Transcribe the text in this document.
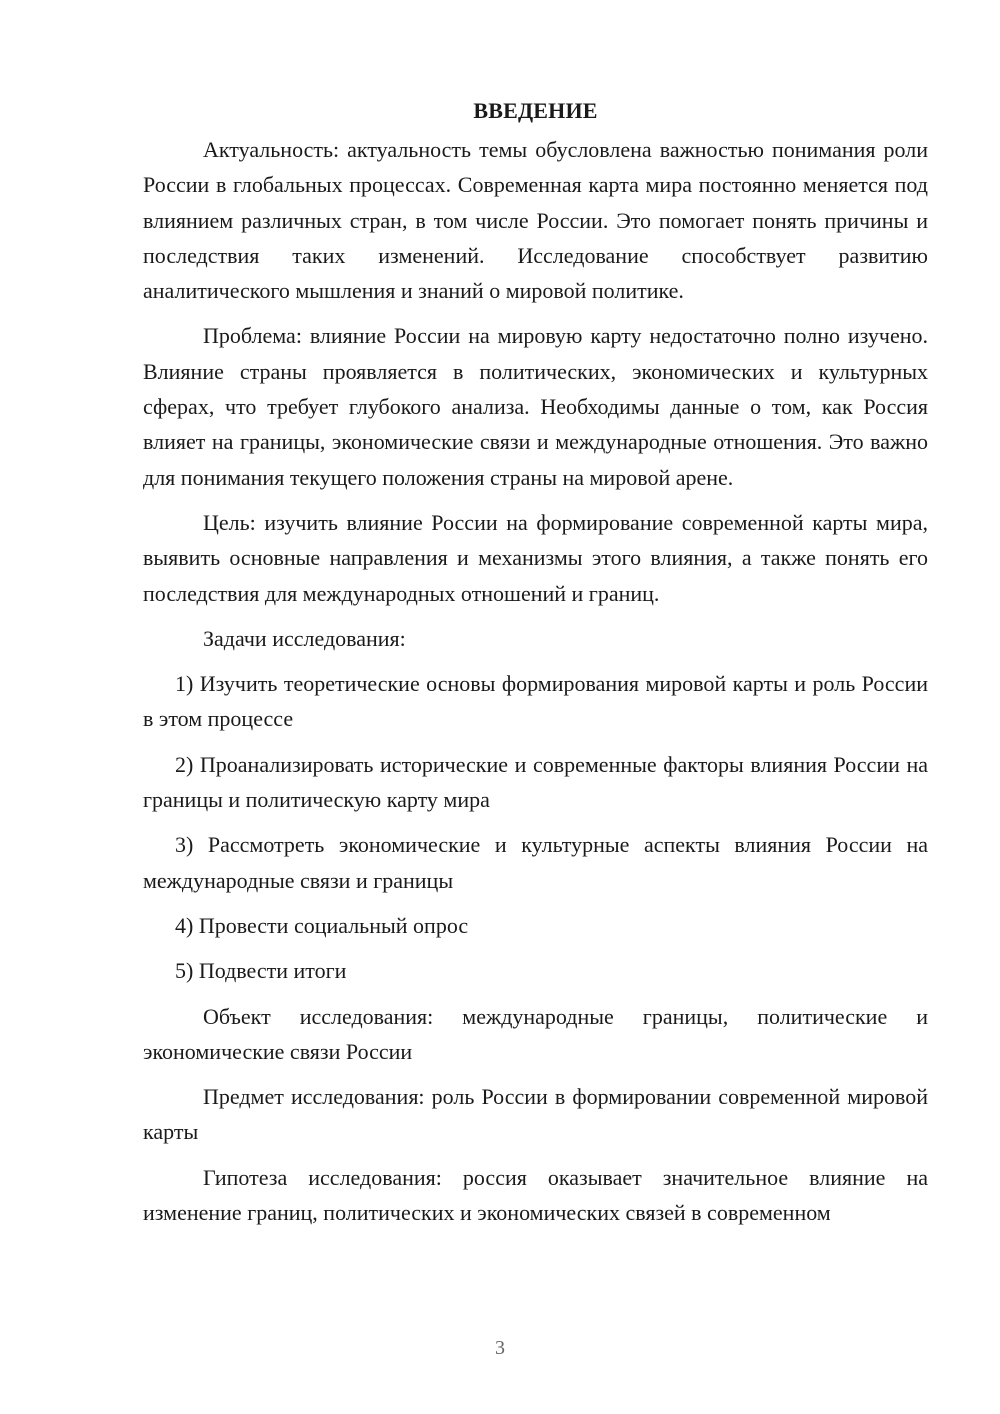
ВВЕДЕНИЕ

Актуальность: актуальность темы обусловлена важностью понимания роли России в глобальных процессах. Современная карта мира постоянно меняется под влиянием различных стран, в том числе России. Это помогает понять причины и последствия таких изменений. Исследование способствует развитию аналитического мышления и знаний о мировой политике.

Проблема: влияние России на мировую карту недостаточно полно изучено. Влияние страны проявляется в политических, экономических и культурных сферах, что требует глубокого анализа. Необходимы данные о том, как Россия влияет на границы, экономические связи и международные отношения. Это важно для понимания текущего положения страны на мировой арене.

Цель: изучить влияние России на формирование современной карты мира, выявить основные направления и механизмы этого влияния, а также понять его последствия для международных отношений и границ.

Задачи исследования:

1) Изучить теоретические основы формирования мировой карты и роль России в этом процессе

2) Проанализировать исторические и современные факторы влияния России на границы и политическую карту мира

3) Рассмотреть экономические и культурные аспекты влияния России на международные связи и границы

4) Провести социальный опрос

5) Подвести итоги

Объект исследования: международные границы, политические и экономические связи России

Предмет исследования: роль России в формировании современной мировой карты

Гипотеза исследования: россия оказывает значительное влияние на изменение границ, политических и экономических связей в современном

3
